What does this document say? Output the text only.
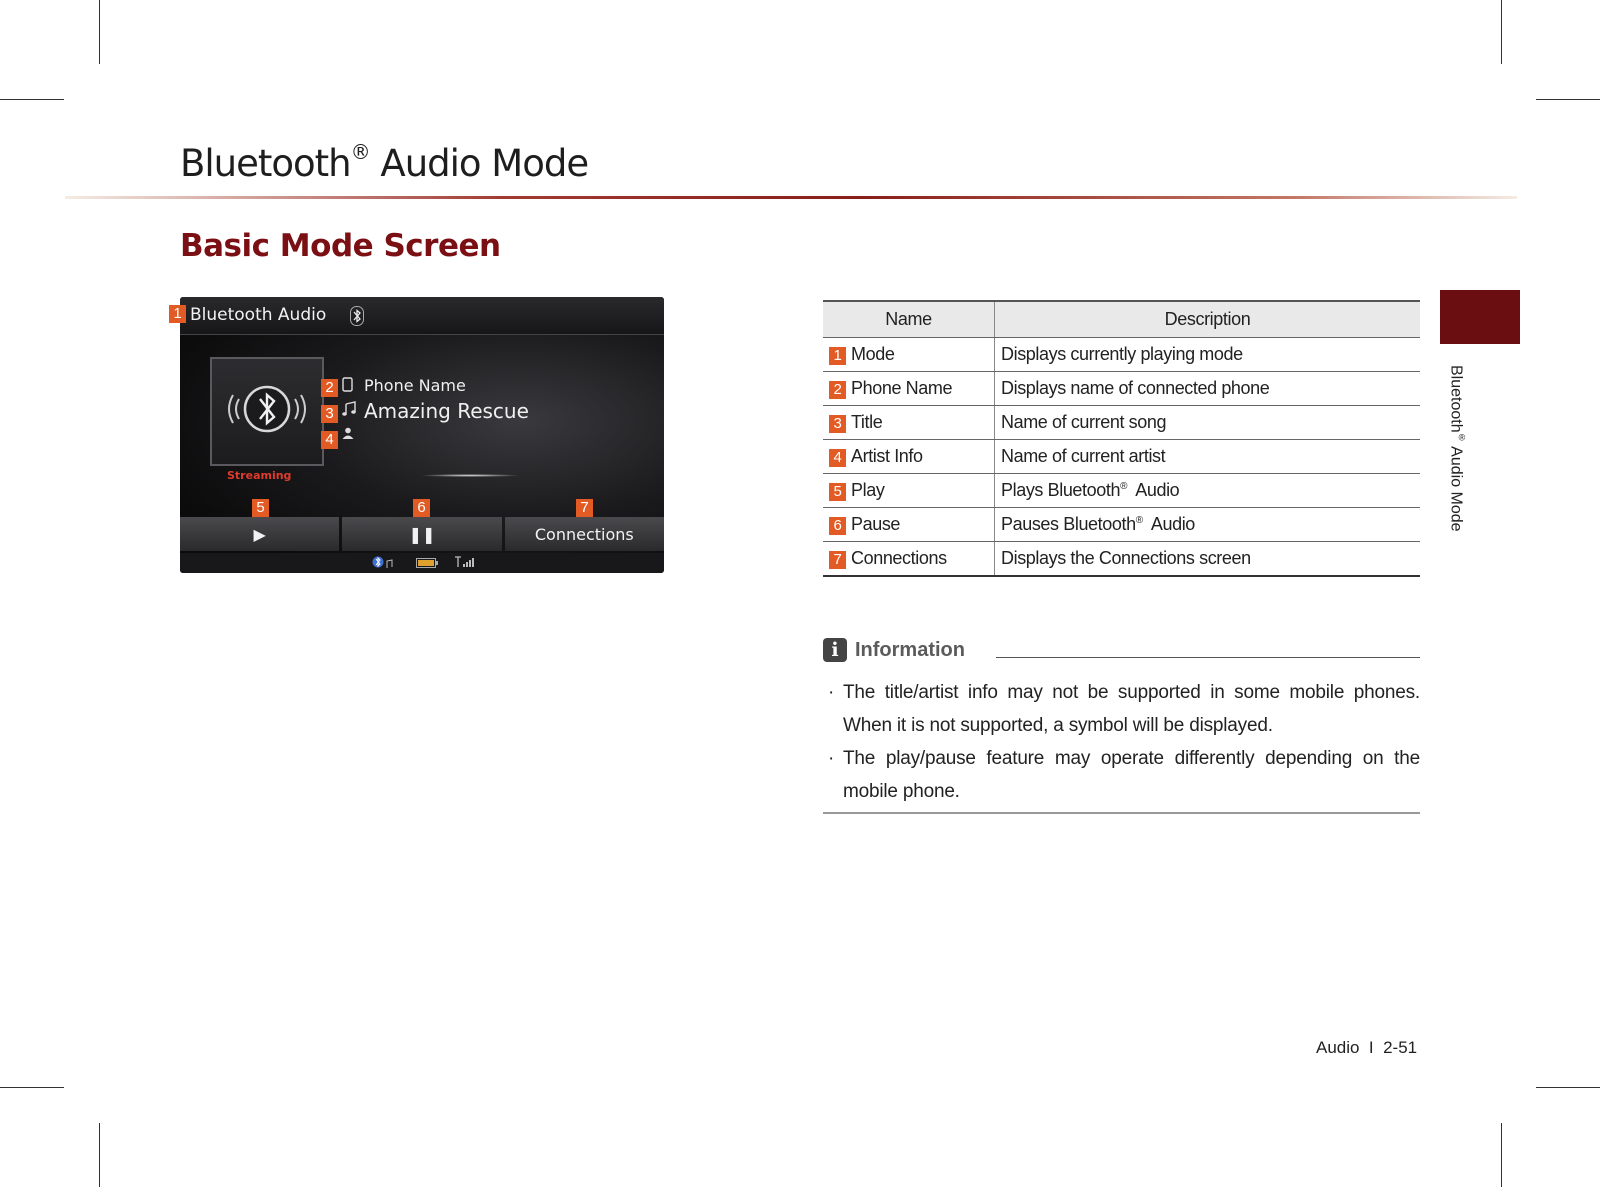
Bluetooth® Audio Mode
Basic Mode Screen
Bluetooth® Audio Mode
Bluetooth Audio
Streaming
Phone Name
Amazing Rescue
▶	❚❚	Connections
1
2
3
4
5	6	7
Name	Description
1 Mode	Displays currently playing mode
2 Phone Name	Displays name of connected phone
3 Title	Name of current song
4 Artist Info	Name of current artist
5 Play	Plays Bluetooth®  Audio
6 Pause	Pauses Bluetooth®  Audio
7 Connections	Displays the Connections screen
i Information
· The title/artist info may not be supported in some mobile phones. When it is not supported, a symbol will be displayed.
· The play/pause feature may operate differently depending on the mobile phone.
Audio  I  2-51
